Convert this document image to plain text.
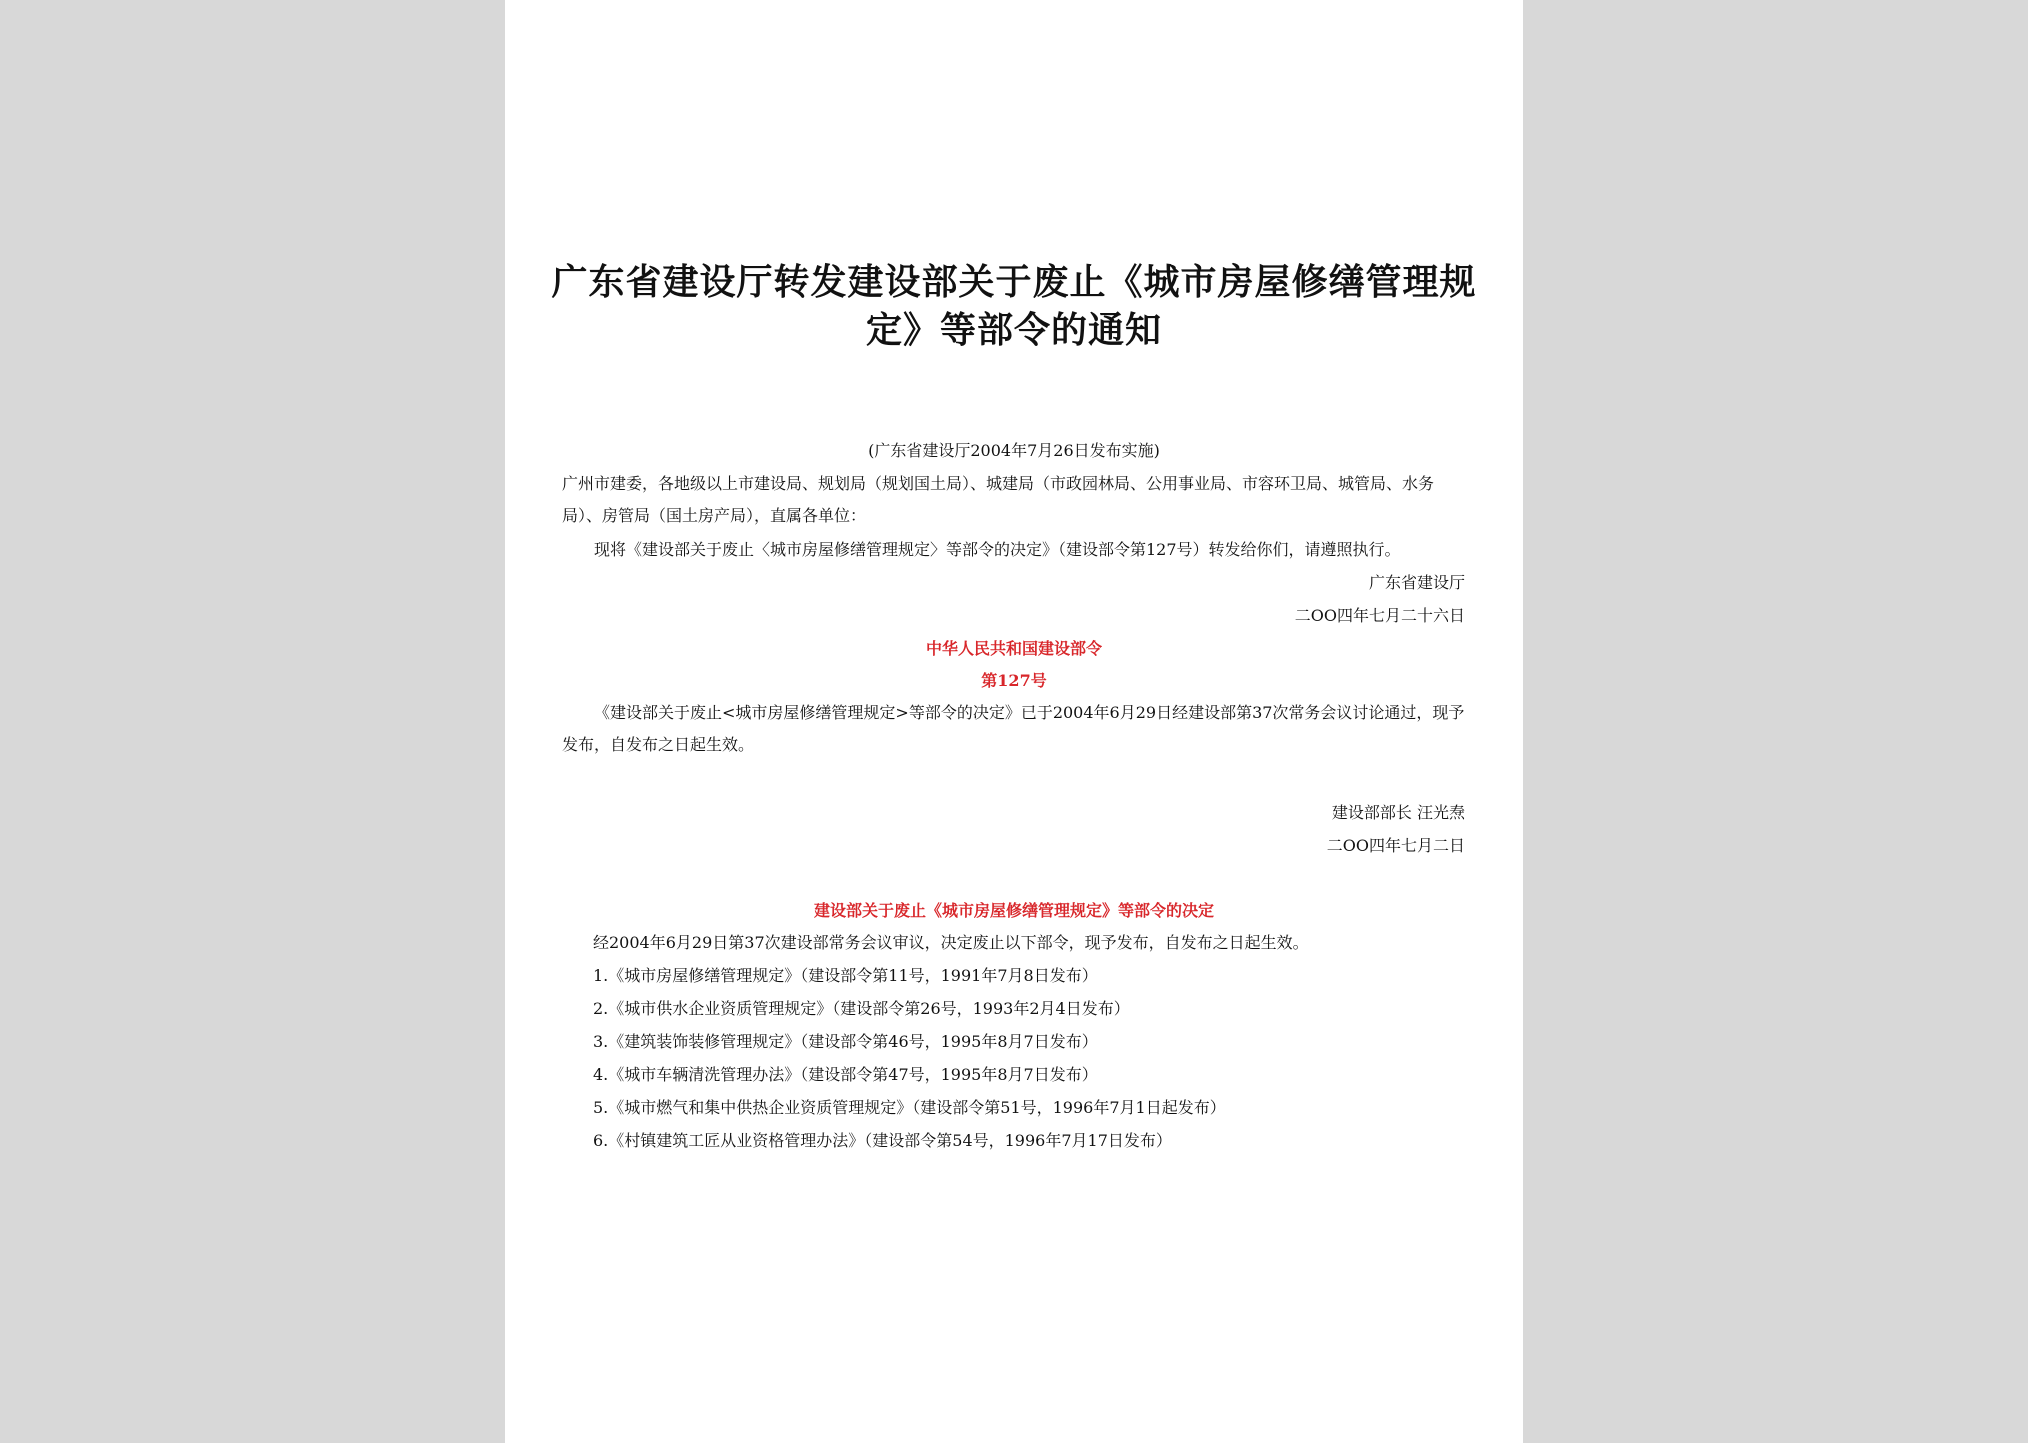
广东省建设厅转发建设部关于废止《城市房屋修缮管理规定》等部令的通知
(广东省建设厅2004年7月26日发布实施)
广州市建委，各地级以上市建设局、规划局（规划国土局）、城建局（市政园林局、公用事业局、市容环卫局、城管局、水务局）、房管局（国土房产局），直属各单位：
现将《建设部关于废止〈城市房屋修缮管理规定〉等部令的决定》（建设部令第127号）转发给你们，请遵照执行。
广东省建设厅
二OO四年七月二十六日
中华人民共和国建设部令
第127号
《建设部关于废止<城市房屋修缮管理规定>等部令的决定》已于2004年6月29日经建设部第37次常务会议讨论通过，现予发布，自发布之日起生效。
建设部部长 汪光焘
二OO四年七月二日
建设部关于废止《城市房屋修缮管理规定》等部令的决定
经2004年6月29日第37次建设部常务会议审议，决定废止以下部令，现予发布，自发布之日起生效。
1.《城市房屋修缮管理规定》（建设部令第11号，1991年7月8日发布）
2.《城市供水企业资质管理规定》（建设部令第26号，1993年2月4日发布）
3.《建筑装饰装修管理规定》（建设部令第46号，1995年8月7日发布）
4.《城市车辆清洗管理办法》（建设部令第47号，1995年8月7日发布）
5.《城市燃气和集中供热企业资质管理规定》（建设部令第51号，1996年7月1日起发布）
6.《村镇建筑工匠从业资格管理办法》（建设部令第54号，1996年7月17日发布）
